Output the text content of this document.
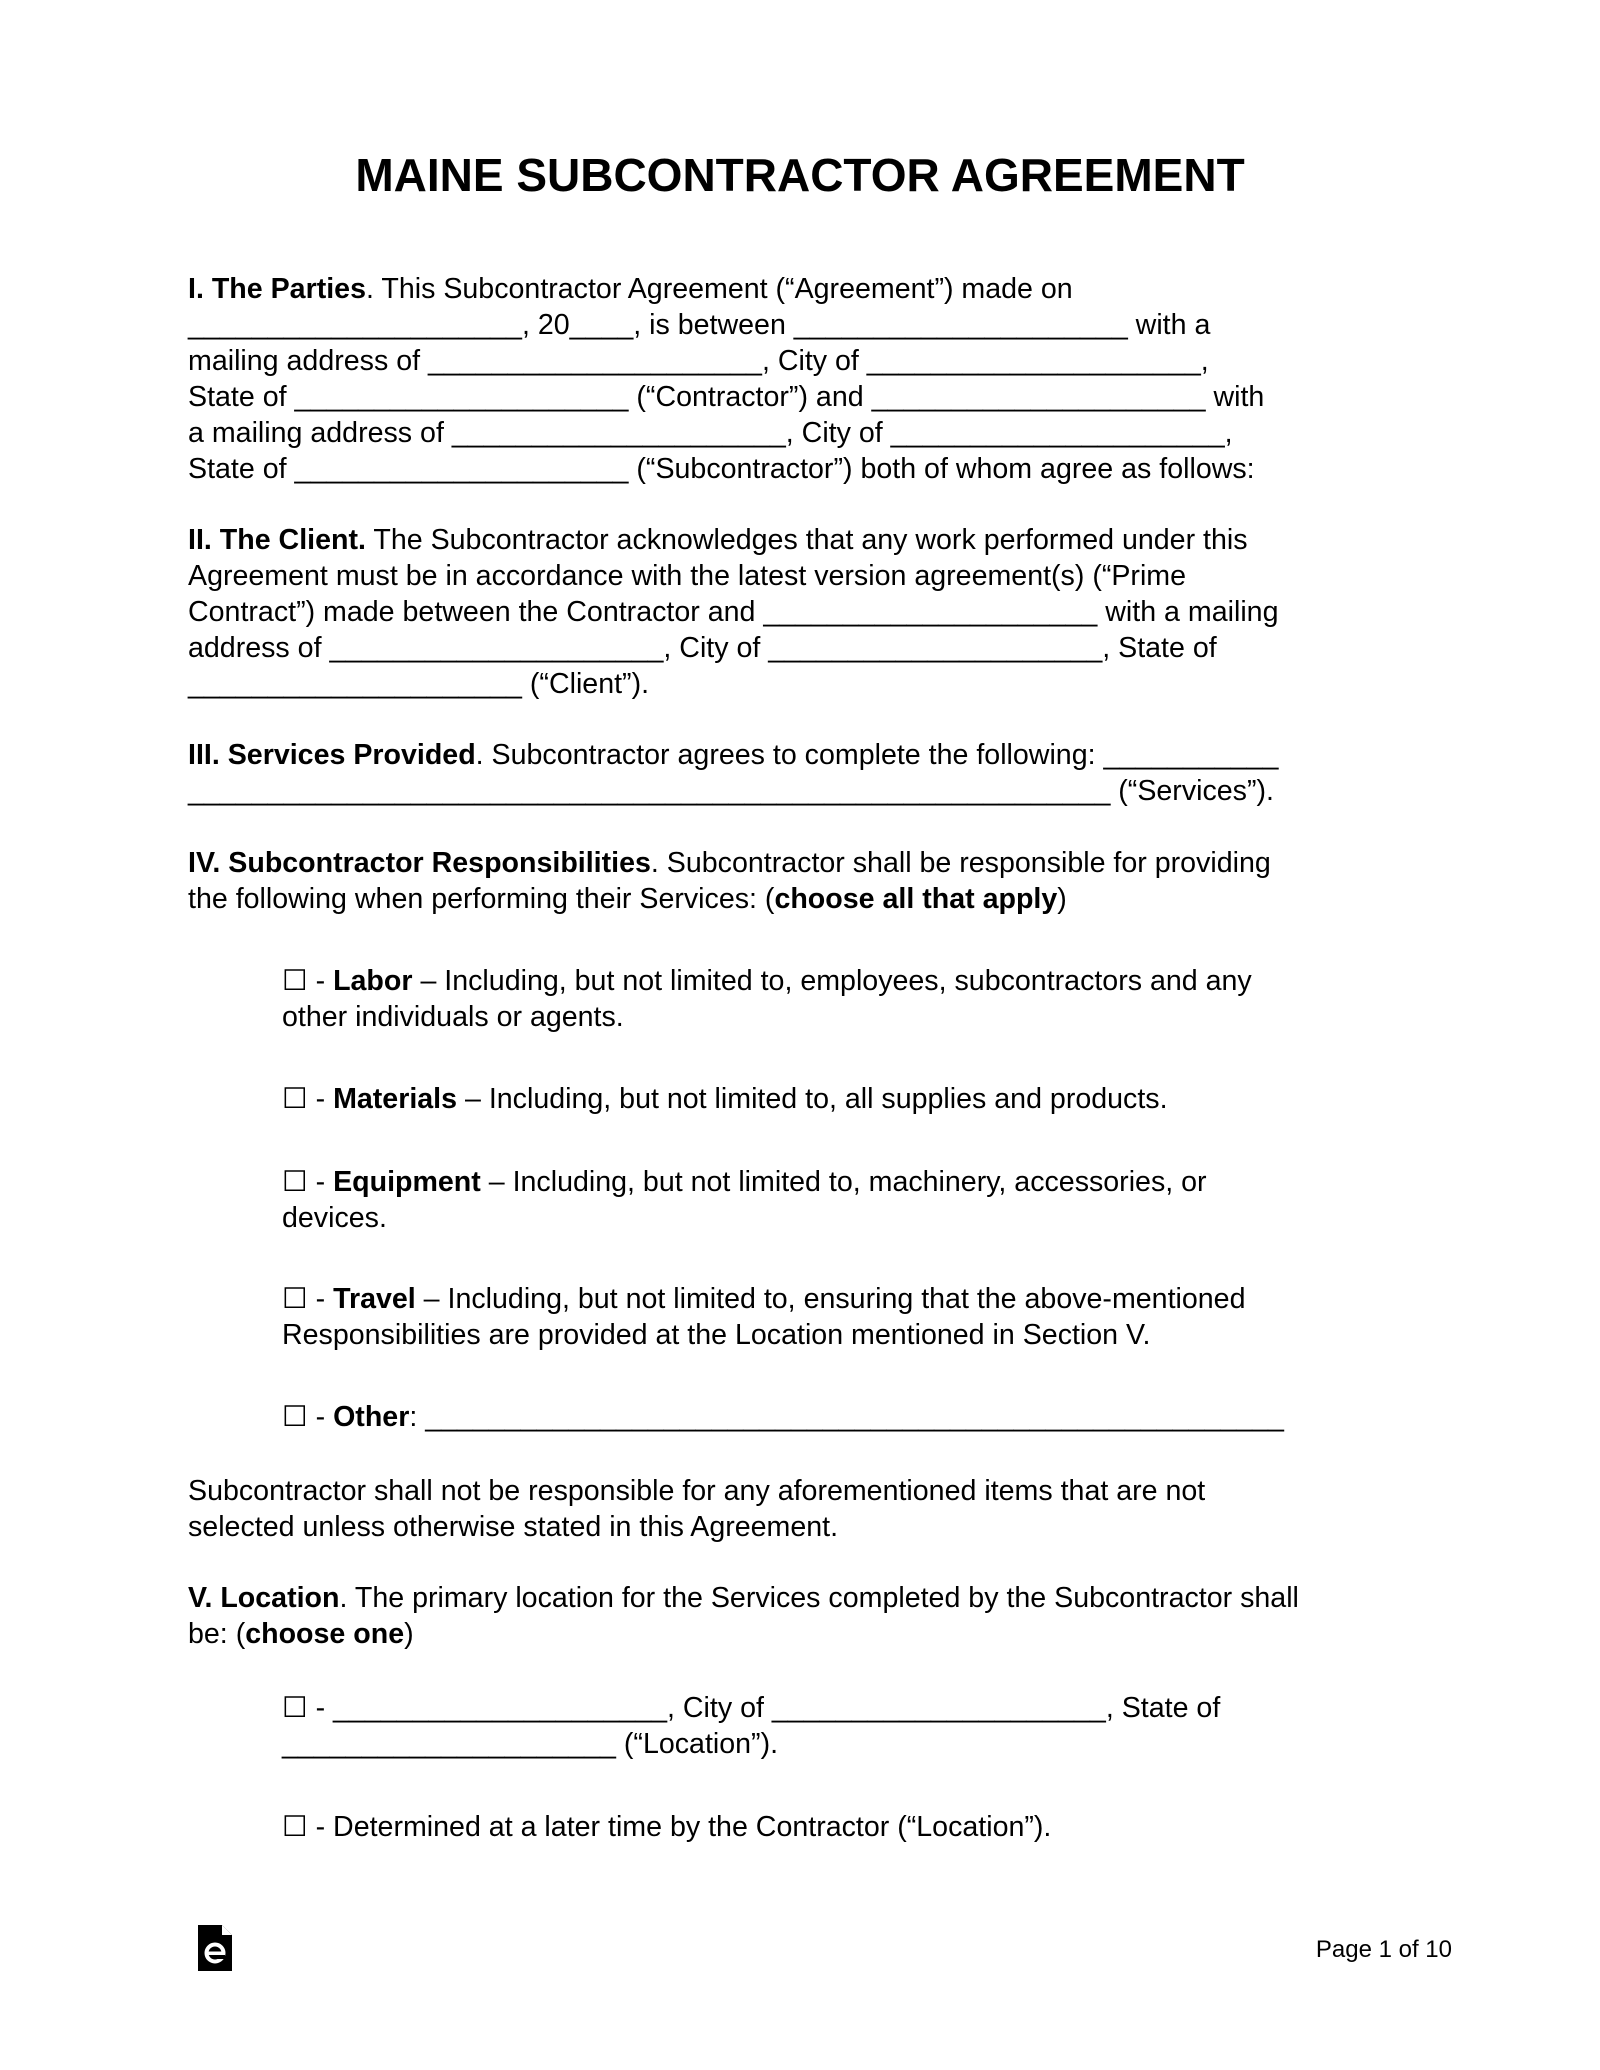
MAINE SUBCONTRACTOR AGREEMENT
I. The Parties. This Subcontractor Agreement (“Agreement”) made on
_____________________, 20____, is between _____________________ with a
mailing address of _____________________, City of _____________________,
State of _____________________ (“Contractor”) and _____________________ with
a mailing address of _____________________, City of _____________________,
State of _____________________ (“Subcontractor”) both of whom agree as follows:
II. The Client. The Subcontractor acknowledges that any work performed under this
Agreement must be in accordance with the latest version agreement(s) (“Prime
Contract”) made between the Contractor and _____________________ with a mailing
address of _____________________, City of _____________________, State of
_____________________ (“Client”).
III. Services Provided. Subcontractor agrees to complete the following: ___________
__________________________________________________________ (“Services”).
IV. Subcontractor Responsibilities. Subcontractor shall be responsible for providing
the following when performing their Services: (choose all that apply)
☐ - Labor – Including, but not limited to, employees, subcontractors and any
other individuals or agents.
☐ - Materials – Including, but not limited to, all supplies and products.
☐ - Equipment – Including, but not limited to, machinery, accessories, or
devices.
☐ - Travel – Including, but not limited to, ensuring that the above-mentioned
Responsibilities are provided at the Location mentioned in Section V.
☐ - Other: ______________________________________________________
Subcontractor shall not be responsible for any aforementioned items that are not
selected unless otherwise stated in this Agreement.
V. Location. The primary location for the Services completed by the Subcontractor shall
be: (choose one)
☐ - _____________________, City of _____________________, State of
_____________________ (“Location”).
☐ - Determined at a later time by the Contractor (“Location”).
Page 1 of 10
